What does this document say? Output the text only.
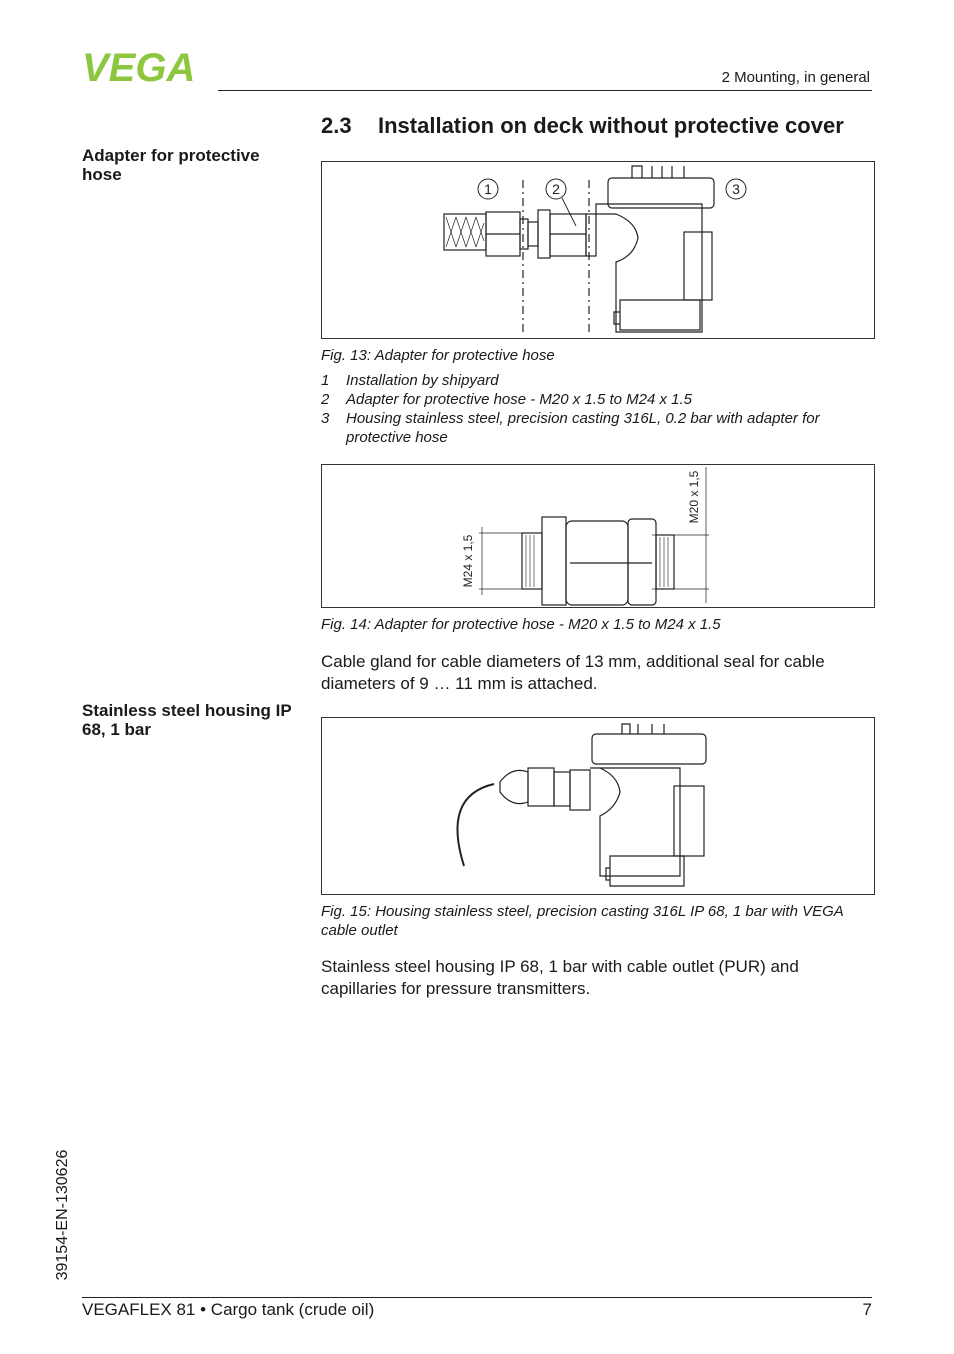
VEGA	2 Mounting, in general
2.3 Installation on deck without protective cover
Adapter for protective hose
1	2	3
Fig. 13: Adapter for protective hose
1	Installation by shipyard
2	Adapter for protective hose - M20 x 1.5 to M24 x 1.5
3	Housing stainless steel, precision casting 316L, 0.2 bar with adapter for protective hose
M24 x 1,5
M20 x 1,5
Fig. 14: Adapter for protective hose - M20 x 1.5 to M24 x 1.5
Cable gland for cable diameters of 13 mm, additional seal for cable diameters of 9 … 11 mm is attached.
Stainless steel housing IP 68, 1 bar
Fig. 15: Housing stainless steel, precision casting 316L IP 68, 1 bar with VEGA cable outlet
Stainless steel housing IP 68, 1 bar with cable outlet (PUR) and capillaries for pressure transmitters.
39154-EN-130626
VEGAFLEX 81 • Cargo tank (crude oil)	7
